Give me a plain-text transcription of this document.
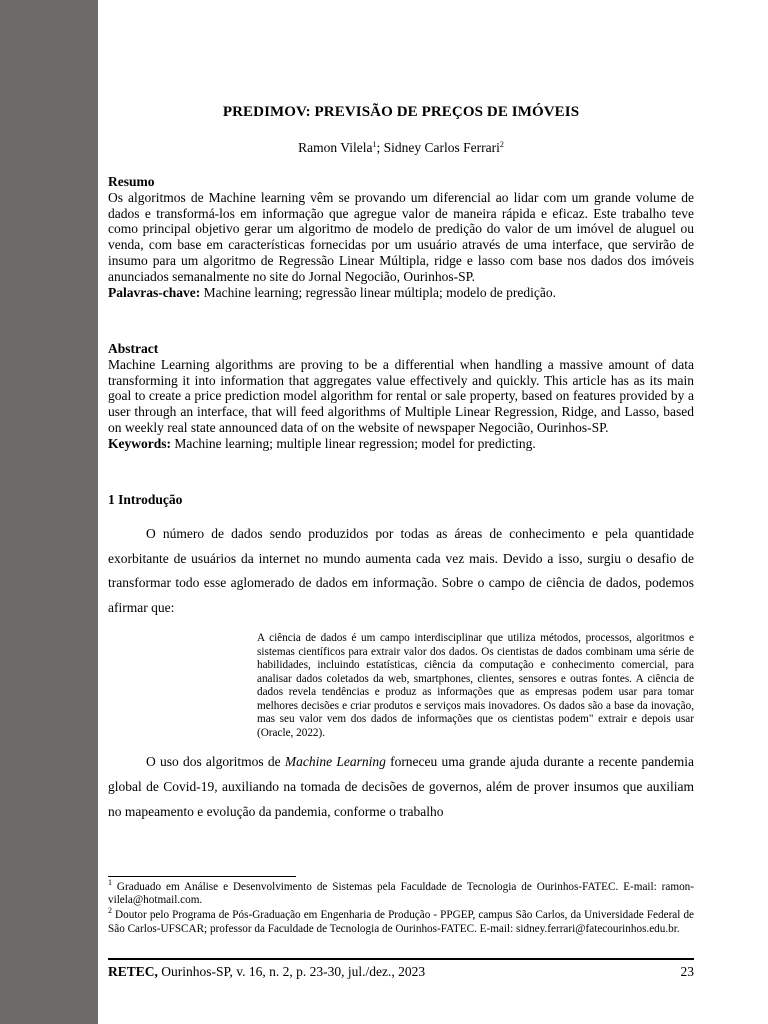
PREDIMOV: PREVISÃO DE PREÇOS DE IMÓVEIS
Ramon Vilela$^1$; Sidney Carlos Ferrari$^2$

Resumo

Os algoritmos de Machine learning vêm se provando um diferencial ao lidar com um grande volume de dados e transformá-los em informação que agregue valor de maneira rápida e eficaz. Este trabalho teve como principal objetivo gerar um algoritmo de modelo de predição do valor de um imóvel de aluguel ou venda, com base em características fornecidas por um usuário através de uma interface, que servirão de insumo para um algoritmo de Regressão Linear Múltipla, ridge e lasso com base nos dados dos imóveis anunciados semanalmente no site do Jornal Negocião, Ourinhos-SP.

Palavras-chave: Machine learning; regressão linear múltipla; modelo de predição.

Abstract

Machine Learning algorithms are proving to be a differential when handling a massive amount of data transforming it into information that aggregates value effectively and quickly. This article has as its main goal to create a price prediction model algorithm for rental or sale property, based on features provided by a user through an interface, that will feed algorithms of Multiple Linear Regression, Ridge, and Lasso, based on weekly real state announced data of on the website of newspaper Negocião, Ourinhos-SP.

Keywords: Machine learning; multiple linear regression; model for predicting.

1 Introdução

O número de dados sendo produzidos por todas as áreas de conhecimento e pela quantidade exorbitante de usuários da internet no mundo aumenta cada vez mais. Devido a isso, surgiu o desafio de transformar todo esse aglomerado de dados em informação. Sobre o campo de ciência de dados, podemos afirmar que:

A ciência de dados é um campo interdisciplinar que utiliza métodos, processos, algoritmos e sistemas científicos para extrair valor dos dados. Os cientistas de dados combinam uma série de habilidades, incluindo estatísticas, ciência da computação e conhecimento comercial, para analisar dados coletados da web, smartphones, clientes, sensores e outras fontes. A ciência de dados revela tendências e produz as informações que as empresas podem usar para tomar melhores decisões e criar produtos e serviços mais inovadores. Os dados são a base da inovação, mas seu valor vem dos dados de informações que os cientistas podem" extrair e depois usar (Oracle, 2022).

O uso dos algoritmos de Machine Learning forneceu uma grande ajuda durante a recente pandemia global de Covid-19, auxiliando na tomada de decisões de governos, além de prover insumos que auxiliam no mapeamento e evolução da pandemia, conforme o trabalho

$^1$ Graduado em Análise e Desenvolvimento de Sistemas pela Faculdade de Tecnologia de Ourinhos-FATEC. E-mail: ramon-vilela@hotmail.com.

$^2$ Doutor pelo Programa de Pós-Graduação em Engenharia de Produção - PPGEP, campus São Carlos, da Universidade Federal de São Carlos-UFSCAR; professor da Faculdade de Tecnologia de Ourinhos-FATEC. E-mail: sidney.ferrari@fatecourinhos.edu.br.

RETEC, Ourinhos-SP, v. 16, n. 2, p. 23-30, jul./dez., 2023	23
